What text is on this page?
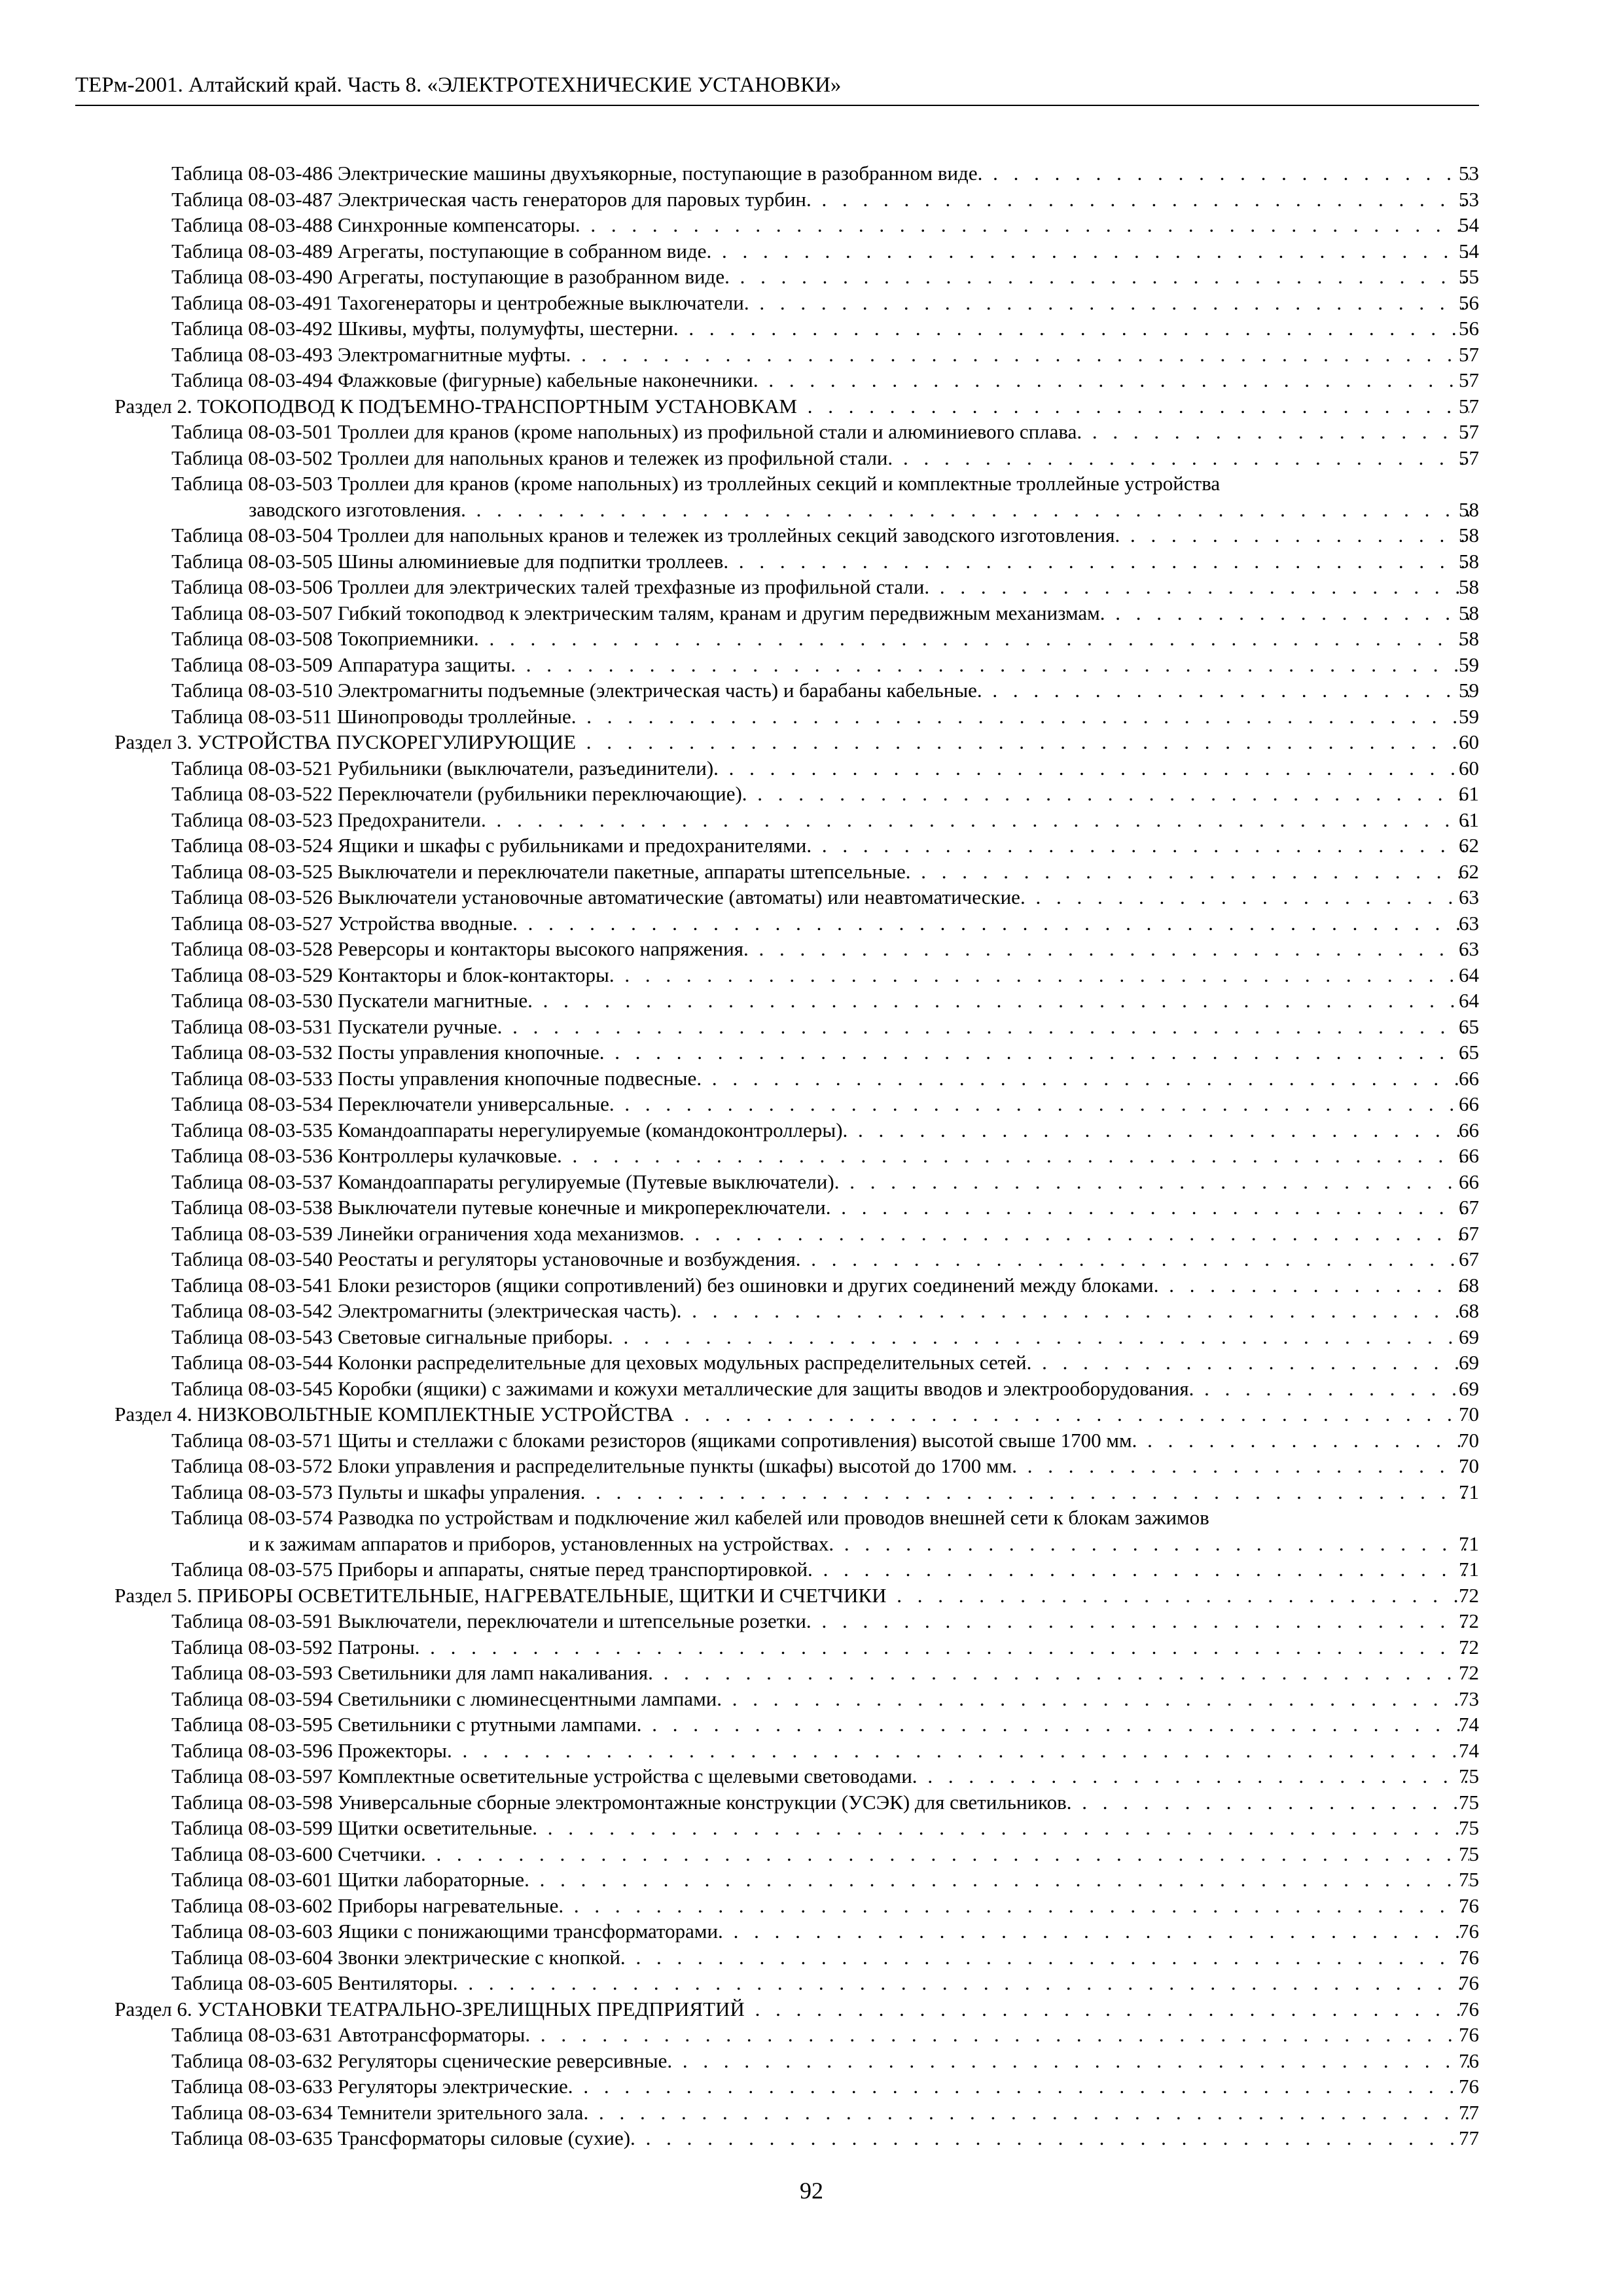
ТЕРм-2001. Алтайский край. Часть 8. «ЭЛЕКТРОТЕХНИЧЕСКИЕ УСТАНОВКИ»
Таблица 08-03-486 Электрические машины двухъякорные, поступающие в разобранном виде. . . .	53
Таблица 08-03-487 Электрическая часть генераторов для паровых турбин. . . .	53
Таблица 08-03-488 Синхронные компенсаторы. . . .	54
Таблица 08-03-489 Агрегаты, поступающие в собранном виде. . . .	54
Таблица 08-03-490 Агрегаты, поступающие в разобранном виде. . . .	55
Таблица 08-03-491 Тахогенераторы и центробежные выключатели. . . .	56
Таблица 08-03-492 Шкивы, муфты, полумуфты, шестерни. . . .	56
Таблица 08-03-493 Электромагнитные муфты. . . .	57
Таблица 08-03-494 Флажковые (фигурные) кабельные наконечники. . . .	57
Раздел 2. ТОКОПОДВОД К ПОДЪЕМНО-ТРАНСПОРТНЫМ УСТАНОВКАМ . . .	57
Таблица 08-03-501 Троллеи для кранов (кроме напольных) из профильной стали и алюминиевого сплава. . . .	57
Таблица 08-03-502 Троллеи для напольных кранов и тележек из профильной стали. . . .	57
Таблица 08-03-503 Троллеи для кранов (кроме напольных) из троллейных секций и комплектные троллейные устройства
заводского изготовления. . . .	58
Таблица 08-03-504 Троллеи для напольных кранов и тележек из троллейных секций заводского изготовления. . . .	58
Таблица 08-03-505 Шины алюминиевые для подпитки троллеев. . . .	58
Таблица 08-03-506 Троллеи для электрических талей трехфазные из профильной стали. . . .	58
Таблица 08-03-507 Гибкий токоподвод к электрическим талям, кранам и другим передвижным механизмам. . . .	58
Таблица 08-03-508 Токоприемники. . . .	58
Таблица 08-03-509 Аппаратура защиты. . . .	59
Таблица 08-03-510 Электромагниты подъемные (электрическая часть) и барабаны кабельные. . . .	59
Таблица 08-03-511 Шинопроводы троллейные. . . .	59
Раздел 3. УСТРОЙСТВА ПУСКОРЕГУЛИРУЮЩИЕ . . .	60
Таблица 08-03-521 Рубильники (выключатели, разъединители). . . .	60
Таблица 08-03-522 Переключатели (рубильники переключающие). . . .	61
Таблица 08-03-523 Предохранители. . . .	61
Таблица 08-03-524 Ящики и шкафы с рубильниками и предохранителями. . . .	62
Таблица 08-03-525 Выключатели и переключатели пакетные, аппараты штепсельные. . . .	62
Таблица 08-03-526 Выключатели установочные автоматические (автоматы) или неавтоматические. . . .	63
Таблица 08-03-527 Устройства вводные. . . .	63
Таблица 08-03-528 Реверсоры и контакторы высокого напряжения. . . .	63
Таблица 08-03-529 Контакторы и блок-контакторы. . . .	64
Таблица 08-03-530 Пускатели магнитные. . . .	64
Таблица 08-03-531 Пускатели ручные. . . .	65
Таблица 08-03-532 Посты управления кнопочные. . . .	65
Таблица 08-03-533 Посты управления кнопочные подвесные. . . .	66
Таблица 08-03-534 Переключатели универсальные. . . .	66
Таблица 08-03-535 Командоаппараты нерегулируемые (командоконтроллеры). . . .	66
Таблица 08-03-536 Контроллеры кулачковые. . . .	66
Таблица 08-03-537 Командоаппараты регулируемые (Путевые выключатели). . . .	66
Таблица 08-03-538 Выключатели путевые конечные и микропереключатели. . . .	67
Таблица 08-03-539 Линейки ограничения хода механизмов. . . .	67
Таблица 08-03-540 Реостаты и регуляторы установочные и возбуждения. . . .	67
Таблица 08-03-541 Блоки резисторов (ящики сопротивлений) без ошиновки и других соединений между блоками. . . .	68
Таблица 08-03-542 Электромагниты (электрическая часть). . . .	68
Таблица 08-03-543 Световые сигнальные приборы. . . .	69
Таблица 08-03-544 Колонки распределительные для цеховых модульных распределительных сетей. . . .	69
Таблица 08-03-545 Коробки (ящики) с зажимами и кожухи металлические для защиты вводов и электрооборудования. . . .	69
Раздел 4. НИЗКОВОЛЬТНЫЕ КОМПЛЕКТНЫЕ УСТРОЙСТВА . . .	70
Таблица 08-03-571 Щиты и стеллажи с блоками резисторов (ящиками сопротивления) высотой свыше 1700 мм. . . .	70
Таблица 08-03-572 Блоки управления и распределительные пункты (шкафы) высотой до 1700 мм. . . .	70
Таблица 08-03-573 Пульты и шкафы упраления. . . .	71
Таблица 08-03-574 Разводка по устройствам и подключение жил кабелей или проводов внешней сети к блокам зажимов
и к зажимам аппаратов и приборов, установленных на устройствах. . . .	71
Таблица 08-03-575 Приборы и аппараты, снятые перед транспортировкой. . . .	71
Раздел 5. ПРИБОРЫ ОСВЕТИТЕЛЬНЫЕ, НАГРЕВАТЕЛЬНЫЕ, ЩИТКИ И СЧЕТЧИКИ . . .	72
Таблица 08-03-591 Выключатели, переключатели и штепсельные розетки. . . .	72
Таблица 08-03-592 Патроны. . . .	72
Таблица 08-03-593 Светильники для ламп накаливания. . . .	72
Таблица 08-03-594 Светильники с люминесцентными лампами. . . .	73
Таблица 08-03-595 Светильники с ртутными лампами. . . .	74
Таблица 08-03-596 Прожекторы. . . .	74
Таблица 08-03-597 Комплектные осветительные устройства с щелевыми световодами. . . .	75
Таблица 08-03-598 Универсальные сборные электромонтажные конструкции (УСЭК) для светильников. . . .	75
Таблица 08-03-599 Щитки осветительные. . . .	75
Таблица 08-03-600 Счетчики. . . .	75
Таблица 08-03-601 Щитки лабораторные. . . .	75
Таблица 08-03-602 Приборы нагревательные. . . .	76
Таблица 08-03-603 Ящики с понижающими трансформаторами. . . .	76
Таблица 08-03-604 Звонки электрические с кнопкой. . . .	76
Таблица 08-03-605 Вентиляторы. . . .	76
Раздел 6. УСТАНОВКИ ТЕАТРАЛЬНО-ЗРЕЛИЩНЫХ ПРЕДПРИЯТИЙ . . .	76
Таблица 08-03-631 Автотрансформаторы. . . .	76
Таблица 08-03-632 Регуляторы сценические реверсивные. . . .	76
Таблица 08-03-633 Регуляторы электрические. . . .	76
Таблица 08-03-634 Темнители зрительного зала. . . .	77
Таблица 08-03-635 Трансформаторы силовые (сухие). . . .	77
92
